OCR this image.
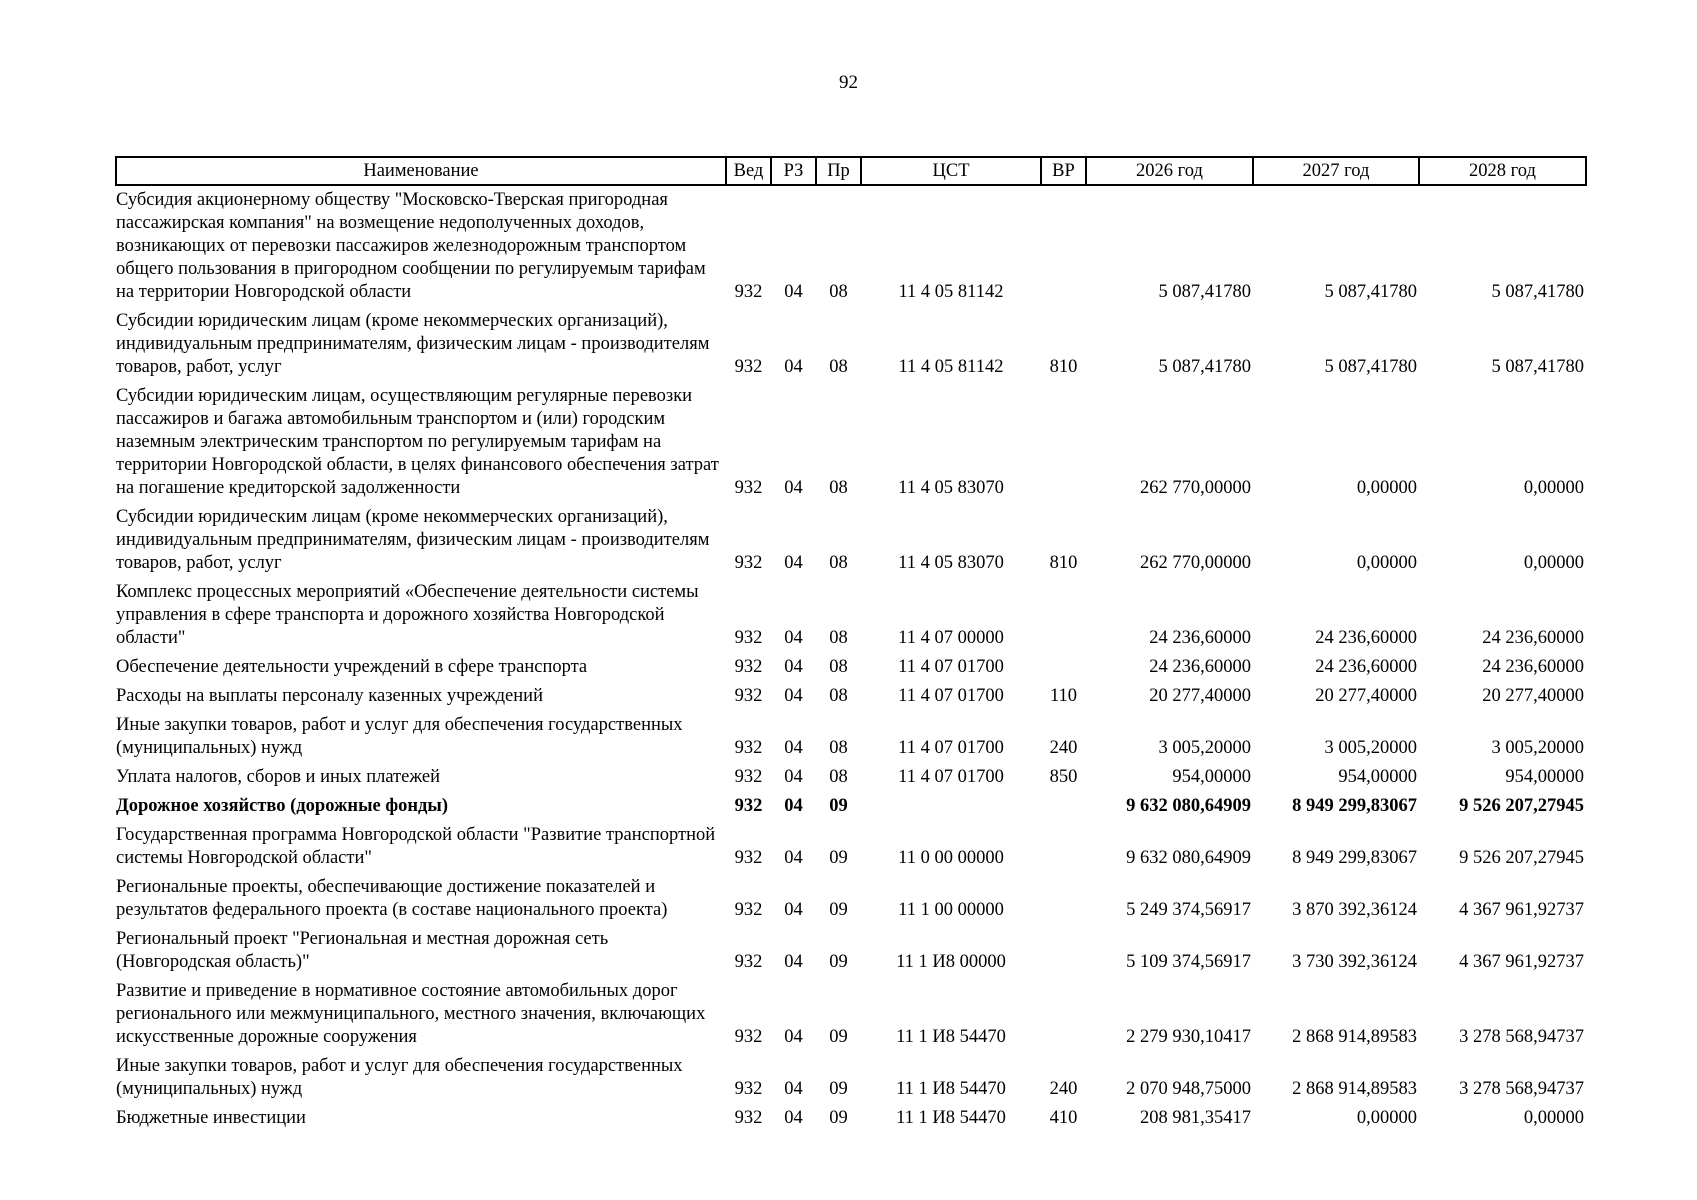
92
Наименование	Вед	РЗ	Пр	ЦСТ	ВР	2026 год	2027 год	2028 год
Субсидия акционерному обществу "Московско-Тверская пригородная пассажирская компания" на возмещение недополученных доходов, возникающих от перевозки пассажиров железнодорожным транспортом общего пользования в пригородном сообщении по регулируемым тарифам на территории Новгородской области	932	04	08	11 4 05 81142		5 087,41780	5 087,41780	5 087,41780
Субсидии юридическим лицам (кроме некоммерческих организаций), индивидуальным предпринимателям, физическим лицам - производителям товаров, работ, услуг	932	04	08	11 4 05 81142	810	5 087,41780	5 087,41780	5 087,41780
Субсидии юридическим лицам, осуществляющим регулярные перевозки пассажиров и багажа автомобильным транспортом и (или) городским наземным электрическим транспортом по регулируемым тарифам на территории Новгородской области, в целях финансового обеспечения затрат на погашение кредиторской задолженности	932	04	08	11 4 05 83070		262 770,00000	0,00000	0,00000
Субсидии юридическим лицам (кроме некоммерческих организаций), индивидуальным предпринимателям, физическим лицам - производителям товаров, работ, услуг	932	04	08	11 4 05 83070	810	262 770,00000	0,00000	0,00000
Комплекс процессных мероприятий «Обеспечение деятельности системы управления в сфере транспорта и дорожного хозяйства Новгородской области"	932	04	08	11 4 07 00000		24 236,60000	24 236,60000	24 236,60000
Обеспечение деятельности учреждений в сфере транспорта	932	04	08	11 4 07 01700		24 236,60000	24 236,60000	24 236,60000
Расходы на выплаты персоналу казенных учреждений	932	04	08	11 4 07 01700	110	20 277,40000	20 277,40000	20 277,40000
Иные закупки товаров, работ и услуг для обеспечения государственных (муниципальных) нужд	932	04	08	11 4 07 01700	240	3 005,20000	3 005,20000	3 005,20000
Уплата налогов, сборов и иных платежей	932	04	08	11 4 07 01700	850	954,00000	954,00000	954,00000
Дорожное хозяйство (дорожные фонды)	932	04	09			9 632 080,64909	8 949 299,83067	9 526 207,27945
Государственная программа Новгородской области "Развитие транспортной системы Новгородской области"	932	04	09	11 0 00 00000		9 632 080,64909	8 949 299,83067	9 526 207,27945
Региональные проекты, обеспечивающие достижение показателей и результатов федерального проекта (в составе национального проекта)	932	04	09	11 1 00 00000		5 249 374,56917	3 870 392,36124	4 367 961,92737
Региональный проект "Региональная и местная дорожная сеть (Новгородская область)"	932	04	09	11 1 И8 00000		5 109 374,56917	3 730 392,36124	4 367 961,92737
Развитие и приведение в нормативное состояние автомобильных дорог регионального или межмуниципального, местного значения, включающих искусственные дорожные сооружения	932	04	09	11 1 И8 54470		2 279 930,10417	2 868 914,89583	3 278 568,94737
Иные закупки товаров, работ и услуг для обеспечения государственных (муниципальных) нужд	932	04	09	11 1 И8 54470	240	2 070 948,75000	2 868 914,89583	3 278 568,94737
Бюджетные инвестиции	932	04	09	11 1 И8 54470	410	208 981,35417	0,00000	0,00000
